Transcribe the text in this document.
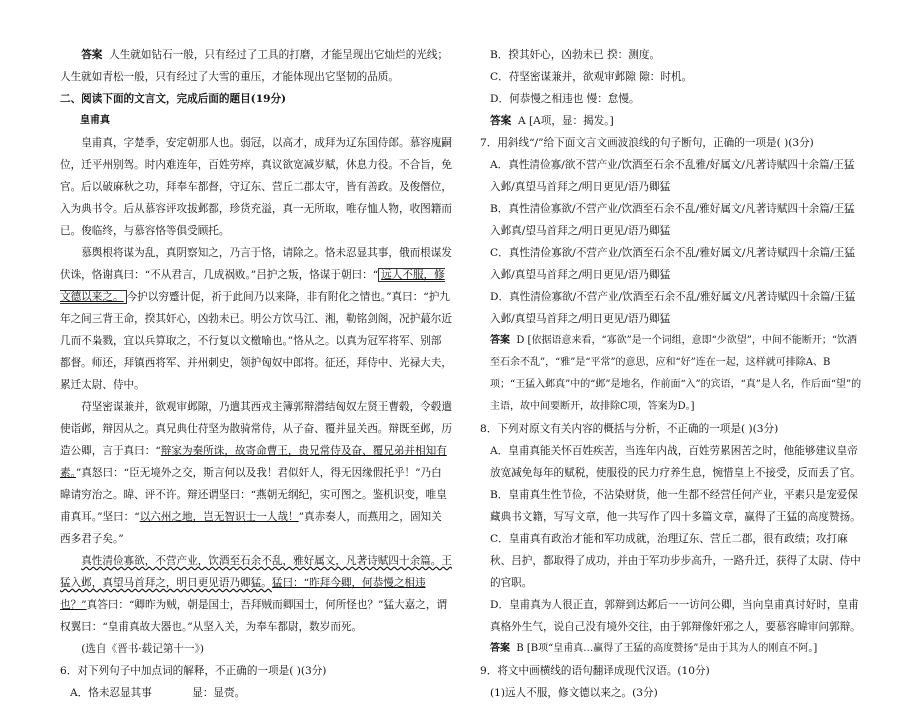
答案 人生就如钻石一般，只有经过了工具的打磨，才能呈现出它灿烂的光线；人生就如青松一般，只有经过了大雪的重压，才能体现出它坚韧的品质。

二、阅读下面的文言文，完成后面的题目(19分)

皇甫真

皇甫真，字楚季，安定朝那人也。弱冠，以高才，成拜为辽东国侍郎。慕容廆嗣位，迁平州别驾。时内难连年，百姓劳瘁，真议欲宽减岁赋，休息力役。不合旨，免官。后以破麻秋之功，拜奉车都督，守辽东、营丘二郡太守，皆有善政。及俊僭位，入为典书令。后从慕容评攻拔邺都，珍货充溢，真一无所取，唯存恤人物，收图籍而已。俊临终，与慕容恪等俱受顾托。

慕舆根将谋为乱，真阴察知之，乃言于恪，请除之。恪未忍显其事，俄而根谋发伏诛，恪谢真曰：“不从君言，几成祸败。”吕护之叛，恪谋于朝曰：“ 远人不服，修文德以来之。 今护以穷蹙计促，祈于此间乃以来降，非有附化之情也。”真曰：“护九年之间三背王命，揆其奸心，凶勃未已。明公方饮马江、湘，勒铭剑阁，况护蕞尔近几而不枭戮，宜以兵算取之，不行复以文檄喻也。”恪从之。以真为冠军将军、别部都督。师还，拜镇西将军、并州刺史，领护匈奴中郎将。征还，拜侍中、光禄大夫，累迁太尉、侍中。

苻坚密谋兼并，欲观审邺隙，乃遣其西戎主簿郭辩潜结匈奴左贤王曹毂，令毂遣使诣邺，辩因从之。真兄典仕苻坚为散骑常侍，从子奋、覆并显关西。辩既至邺，历造公卿，言于真曰：“辩家为秦所诛，故寄命曹王，贵兄常侍及奋、覆兄弟并相知有素。”真怒曰：“臣无境外之交，斯言何以及我！君似奸人，得无因缘假托乎！”乃白暐请穷治之。暐、评不许。辩还谓坚曰：“燕朝无纲纪，实可图之。鉴机识变，唯皇甫真耳。”坚曰：“以六州之地，岂无智识士一人哉！”真赤奏人，而燕用之，固知关西多君子矣。”

真性清俭寡欲，不营产业，饮酒至石余不乱，雅好属文，凡著诗赋四十余篇。王猛入邺，真望马首拜之，明日更见语乃卿猛。猛曰：“昨拜今卿，何恭慢之相违也？”真答曰：“卿昨为贼，朝是国士，吾拜贼而卿国士，何所怪也？”猛大嘉之，谓权翼曰：“皇甫真故大器也。”从坚入关，为奉车都尉，数岁而死。

(选自《晋书·载记第十一》)

6．对下列句子中加点词的解释，不正确的一项是( )(3分)

A．恪未忍显其事	显：显赍。

B．揆其奸心，凶勃未已 揆：测度。

C．苻坚密谋兼并，欲观审邺隙 隙：时机。

D．何恭慢之相违也 慢：怠慢。

答案 A [A项，显：揭发。]

7．用斜线“/”给下面文言文画波浪线的句子断句，正确的一项是( )(3分)

A．真性清俭寡/欲不营产业/饮酒至石余不乱雅/好属文/凡著诗赋四十余篇/王猛入邺/真望马首拜之/明日更见/语乃卿猛

B．真性清俭寡欲/不营产业/饮酒至石余不乱/雅好属文/凡著诗赋四十余篇/王猛入邺真/望马首拜之/明日更见/语乃卿猛

C．真性清俭寡欲/不营产业/饮酒至石余不乱/雅好属文/凡著诗赋四十余篇/王猛入邺/真望马首拜之/明日更见/语乃卿猛

D．真性清俭寡欲/不营产业/饮酒至石余不乱/雅好属文/凡著诗赋四十余篇/王猛入邺/真望马首拜之/明日更见/语乃卿猛

答案 D [依据语意来看，“寡欲”是一个词组，意即“少欲望”，中间不能断开；“饮酒至石余不乱”，“雅”是“平常”的意思，应和“好”连在一起，这样就可排除A、B项；“王猛入邺真”中的“邺”是地名，作前面“入”的宾语，“真”是人名，作后面“望”的主语，故中间要断开，故排除C项，答案为D。]

8．下列对原文有关内容的概括与分析，不正确的一项是( )(3分)

A．皇甫真能关怀百姓疾苦，当连年内战，百姓劳累困苦之时，他能够建议皇帝放宽减免每年的赋税，使服役的民力疗养生息，惋惜皇上不接受，反而丢了官。

B．皇甫真生性节俭，不沾染财货，他一生都不经营任何产业，平素只是宠爱保藏典书文籍，写写文章，他一共写作了四十多篇文章，赢得了王猛的高度赞扬。

C．皇甫真有政治才能和军功成就，治理辽东、营丘二郡，很有政绩；攻打麻秋、吕护，都取得了成功，并由于军功步步高升，一路升迁，获得了太尉、侍中的官职。

D．皇甫真为人很正直，郭辩到达邺后一一访问公卿，当向皇甫真讨好时，皇甫真格外生气，说自己没有境外交往，由于郭辩像奸邪之人，要慕容暐审问郭辩。

答案 B [B项“皇甫真…赢得了王猛的高度赞扬”是由于其为人的刚直不阿。]

9．将文中画横线的语句翻译成现代汉语。(10分)

(1)远人不服，修文德以来之。(3分)
